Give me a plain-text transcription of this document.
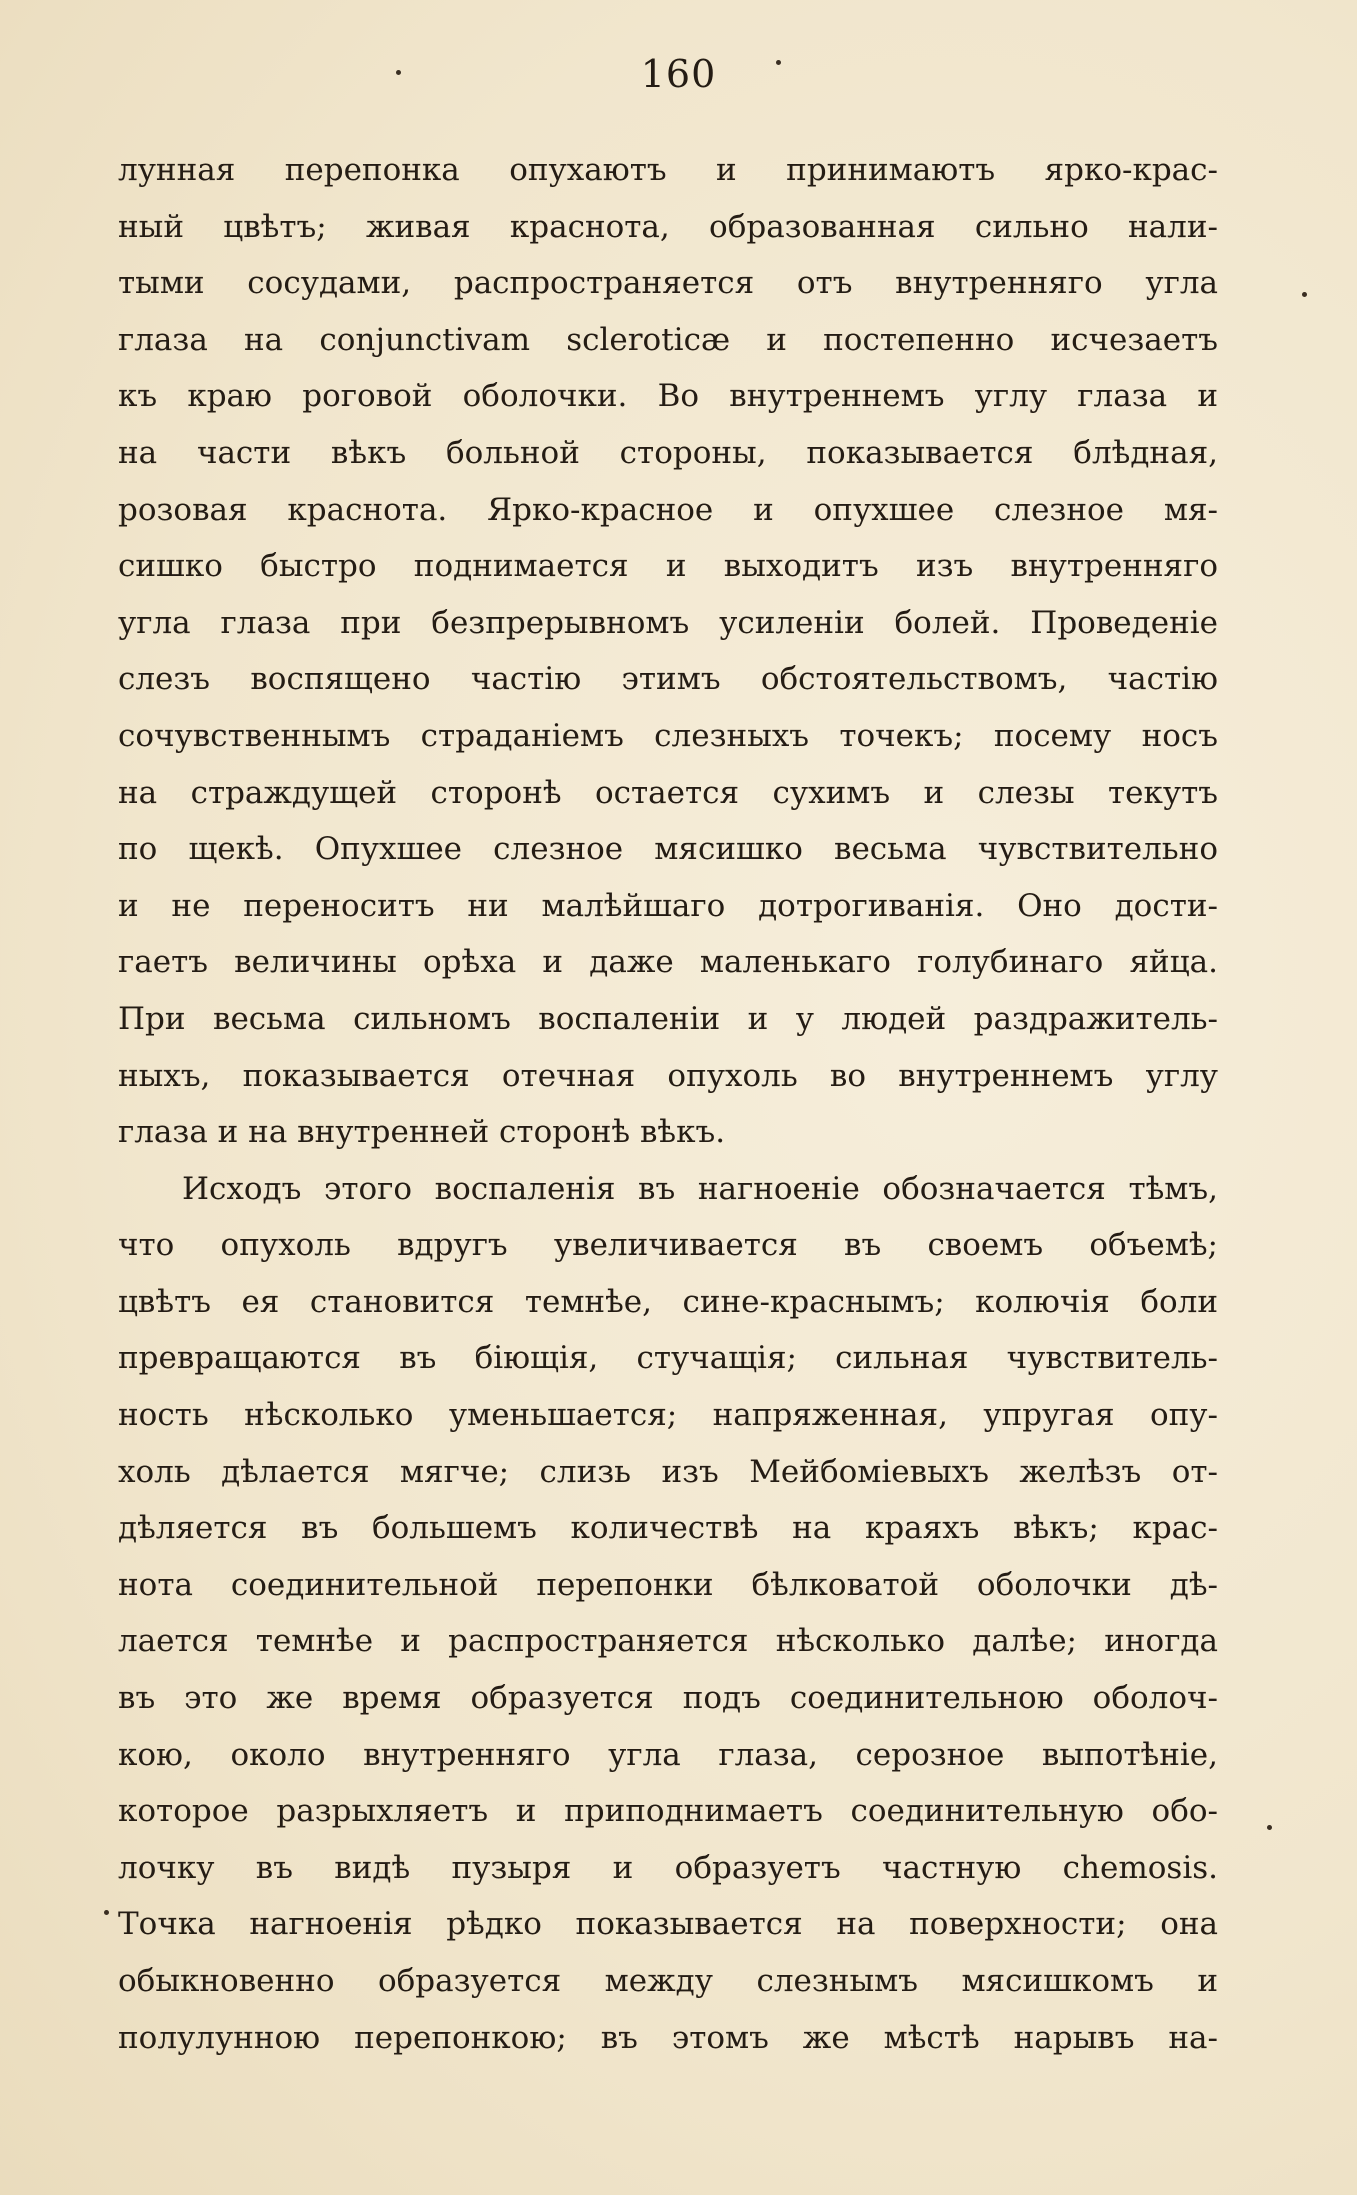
160
лунная перепонка опухаютъ и принимаютъ ярко-крас-
ный цвѣтъ; живая краснота, образованная сильно нали-
тыми сосудами, распространяется отъ внутренняго угла
глаза на conjunctivam scleroticæ и постепенно исчезаетъ
къ краю роговой оболочки. Во внутреннемъ углу глаза и
на части вѣкъ больной стороны, показывается блѣдная,
розовая краснота. Ярко-красное и опухшее слезное мя-
сишко быстро поднимается и выходитъ изъ внутренняго
угла глаза при безпрерывномъ усиленіи болей. Проведеніе
слезъ воспящено частію этимъ обстоятельствомъ, частію
сочувственнымъ страданіемъ слезныхъ точекъ; посему носъ
на страждущей сторонѣ остается сухимъ и слезы текутъ
по щекѣ. Опухшее слезное мясишко весьма чувствительно
и не переноситъ ни малѣйшаго дотрогиванія. Оно дости-
гаетъ величины орѣха и даже маленькаго голубинаго яйца.
При весьма сильномъ воспаленіи и у людей раздражитель-
ныхъ, показывается отечная опухоль во внутреннемъ углу
глаза и на внутренней сторонѣ вѣкъ.
Исходъ этого воспаленія въ нагноеніе обозначается тѣмъ,
что опухоль вдругъ увеличивается въ своемъ объемѣ;
цвѣтъ ея становится темнѣе, сине-краснымъ; колючія боли
превращаются въ біющія, стучащія; сильная чувствитель-
ность нѣсколько уменьшается; напряженная, упругая опу-
холь дѣлается мягче; слизь изъ Мейбоміевыхъ желѣзъ от-
дѣляется въ большемъ количествѣ на краяхъ вѣкъ; крас-
нота соединительной перепонки бѣлковатой оболочки дѣ-
лается темнѣе и распространяется нѣсколько далѣе; иногда
въ это же время образуется подъ соединительною оболоч-
кою, около внутренняго угла глаза, серозное выпотѣніе,
которое разрыхляетъ и приподнимаетъ соединительную обо-
лочку въ видѣ пузыря и образуетъ частную chemosis.
Точка нагноенія рѣдко показывается на поверхности; она
обыкновенно образуется между слезнымъ мясишкомъ и
полулунною перепонкою; въ этомъ же мѣстѣ нарывъ на-
